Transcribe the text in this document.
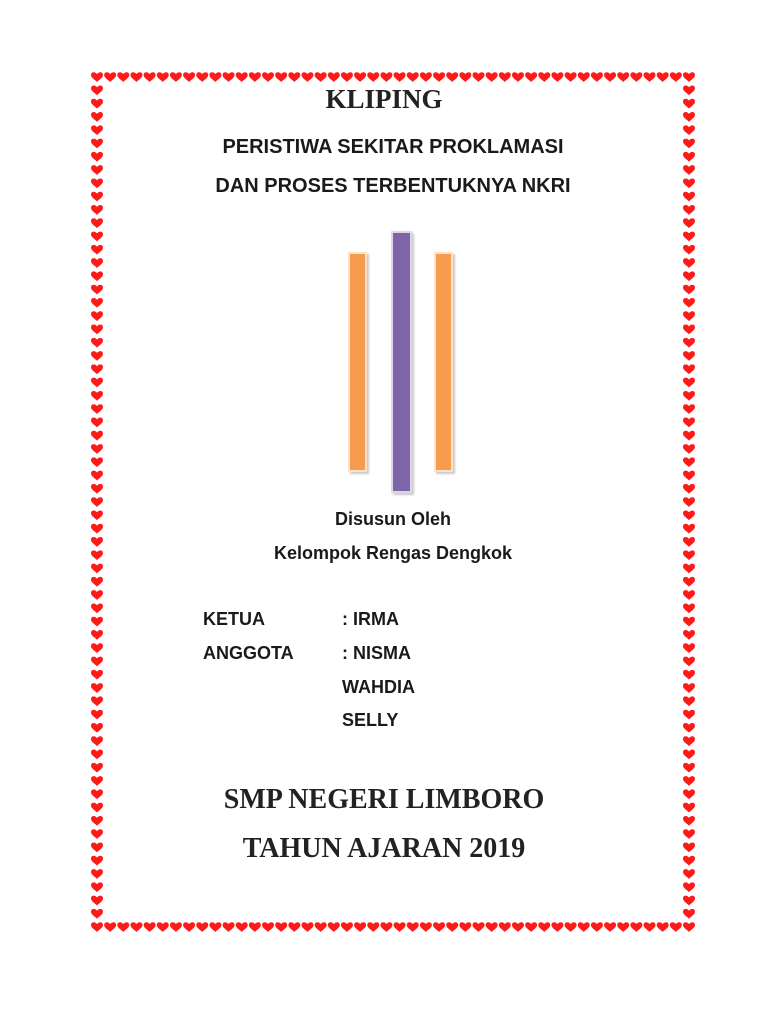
KLIPING
PERISTIWA SEKITAR PROKLAMASI
DAN PROSES TERBENTUKNYA NKRI
Disusun Oleh
Kelompok Rengas Dengkok
KETUA	: IRMA
ANGGOTA	: NISMA
WAHDIA
SELLY
SMP NEGERI LIMBORO
TAHUN AJARAN 2019
